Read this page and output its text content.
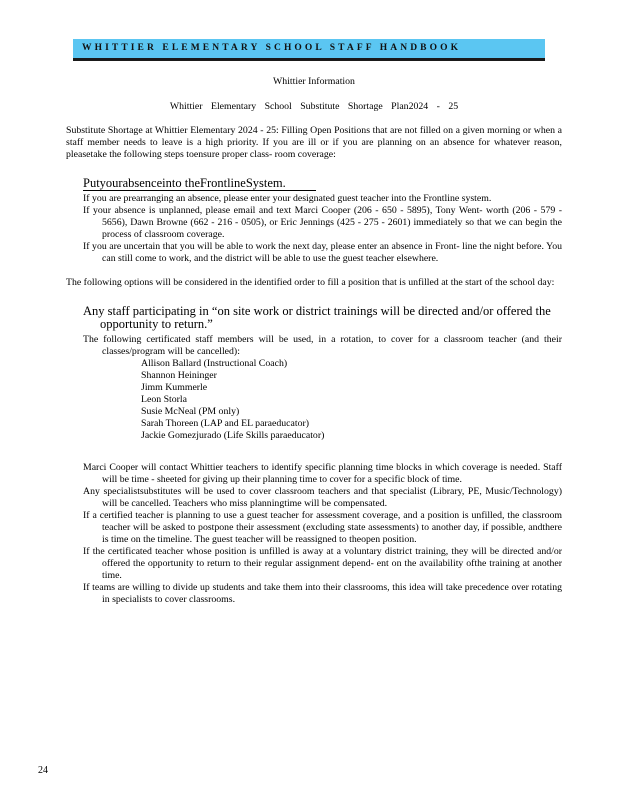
WHITTIER ELEMENTARY SCHOOL STAFF HANDBOOK

Whittier Information

Whittier Elementary School Substitute Shortage Plan2024 - 25

Substitute Shortage at Whittier Elementary 2024 - 25: Filling Open Positions that are not filled on a given morning or when a staff member needs to leave is a high priority. If you are ill or if you are planning on an absence for whatever reason, pleasetake the following steps toensure proper class- room coverage:

Putyourabsenceinto theFrontlineSystem.

If you are prearranging an absence, please enter your designated guest teacher into the Frontline system.

If your absence is unplanned, please email and text Marci Cooper (206 - 650 - 5895), Tony Went- worth (206 - 579 - 5656), Dawn Browne (662 - 216 - 0505), or Eric Jennings (425 - 275 - 2601) immediately so that we can begin the process of classroom coverage.

If you are uncertain that you will be able to work the next day, please enter an absence in Front- line the night before. You can still come to work, and the district will be able to use the guest teacher elsewhere.

The following options will be considered in the identified order to fill a position that is unfilled at the start of the school day:

Any staff participating in “on site work or district trainings will be directed and/or offered the opportunity to return.”

The following certificated staff members will be used, in a rotation, to cover for a classroom teacher (and their classes/program will be cancelled):

Allison Ballard (Instructional Coach)

Shannon Heininger

Jimm Kummerle

Leon Storla

Susie McNeal (PM only)

Sarah Thoreen (LAP and EL paraeducator)

Jackie Gomezjurado (Life Skills paraeducator)

Marci Cooper will contact Whittier teachers to identify specific planning time blocks in which coverage is needed. Staff will be time - sheeted for giving up their planning time to cover for a specific block of time.

Any specialistsubstitutes will be used to cover classroom teachers and that specialist (Library, PE, Music/Technology) will be cancelled. Teachers who miss planningtime will be compensated.

If a certified teacher is planning to use a guest teacher for assessment coverage, and a position is unfilled, the classroom teacher will be asked to postpone their assessment (excluding state assessments) to another day, if possible, andthere is time on the timeline. The guest teacher will be reassigned to theopen position.

If the certificated teacher whose position is unfilled is away at a voluntary district training, they will be directed and/or offered the opportunity to return to their regular assignment depend- ent on the availability ofthe training at another time.

If teams are willing to divide up students and take them into their classrooms, this idea will take precedence over rotating in specialists to cover classrooms.

24
